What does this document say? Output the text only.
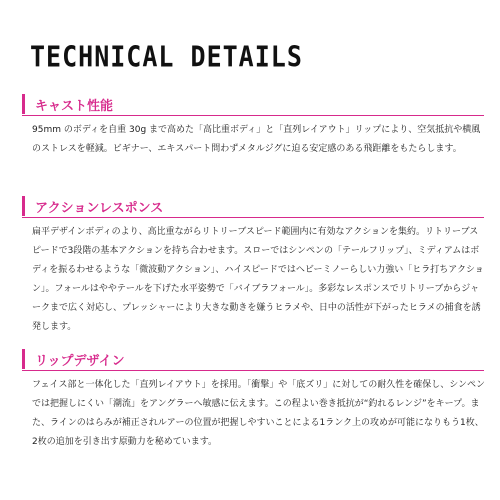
TECHNICAL DETAILS
キャスト性能
95mm のボディを自重 30g まで高めた「高比重ボディ」と「直列レイアウト」リップにより、空気抵抗や横風のストレスを軽減。ビギナー、エキスパート問わずメタルジグに迫る安定感のある飛距離をもたらします。
アクションレスポンス
扁平デザインボディのより、高比重ながらリトリーブスピード範囲内に有効なアクションを集約。リトリーブスピードで3段階の基本アクションを持ち合わせます。スローではシンペンの「テールフリップ」、ミディアムはボディを振るわせるような「微波動アクション」、ハイスピードではヘビーミノーらしい力強い「ヒラ打ちアクション」。フォールはややテールを下げた水平姿勢で「バイブラフォール」。多彩なレスポンスでリトリーブからジャークまで広く対応し、プレッシャーにより大きな動きを嫌うヒラメや、日中の活性が下がったヒラメの捕食を誘発します。
リップデザイン
フェイス部と一体化した「直列レイアウト」を採用。「衝撃」や「底ズリ」に対しての耐久性を確保し、シンペンでは把握しにくい「潮流」をアングラーへ敏感に伝えます。この程よい巻き抵抗が“釣れるレンジ”をキープ。また、ラインのはらみが補正されルアーの位置が把握しやすいことによる1ランク上の攻めが可能になりもう1枚、2枚の追加を引き出す原動力を秘めています。
